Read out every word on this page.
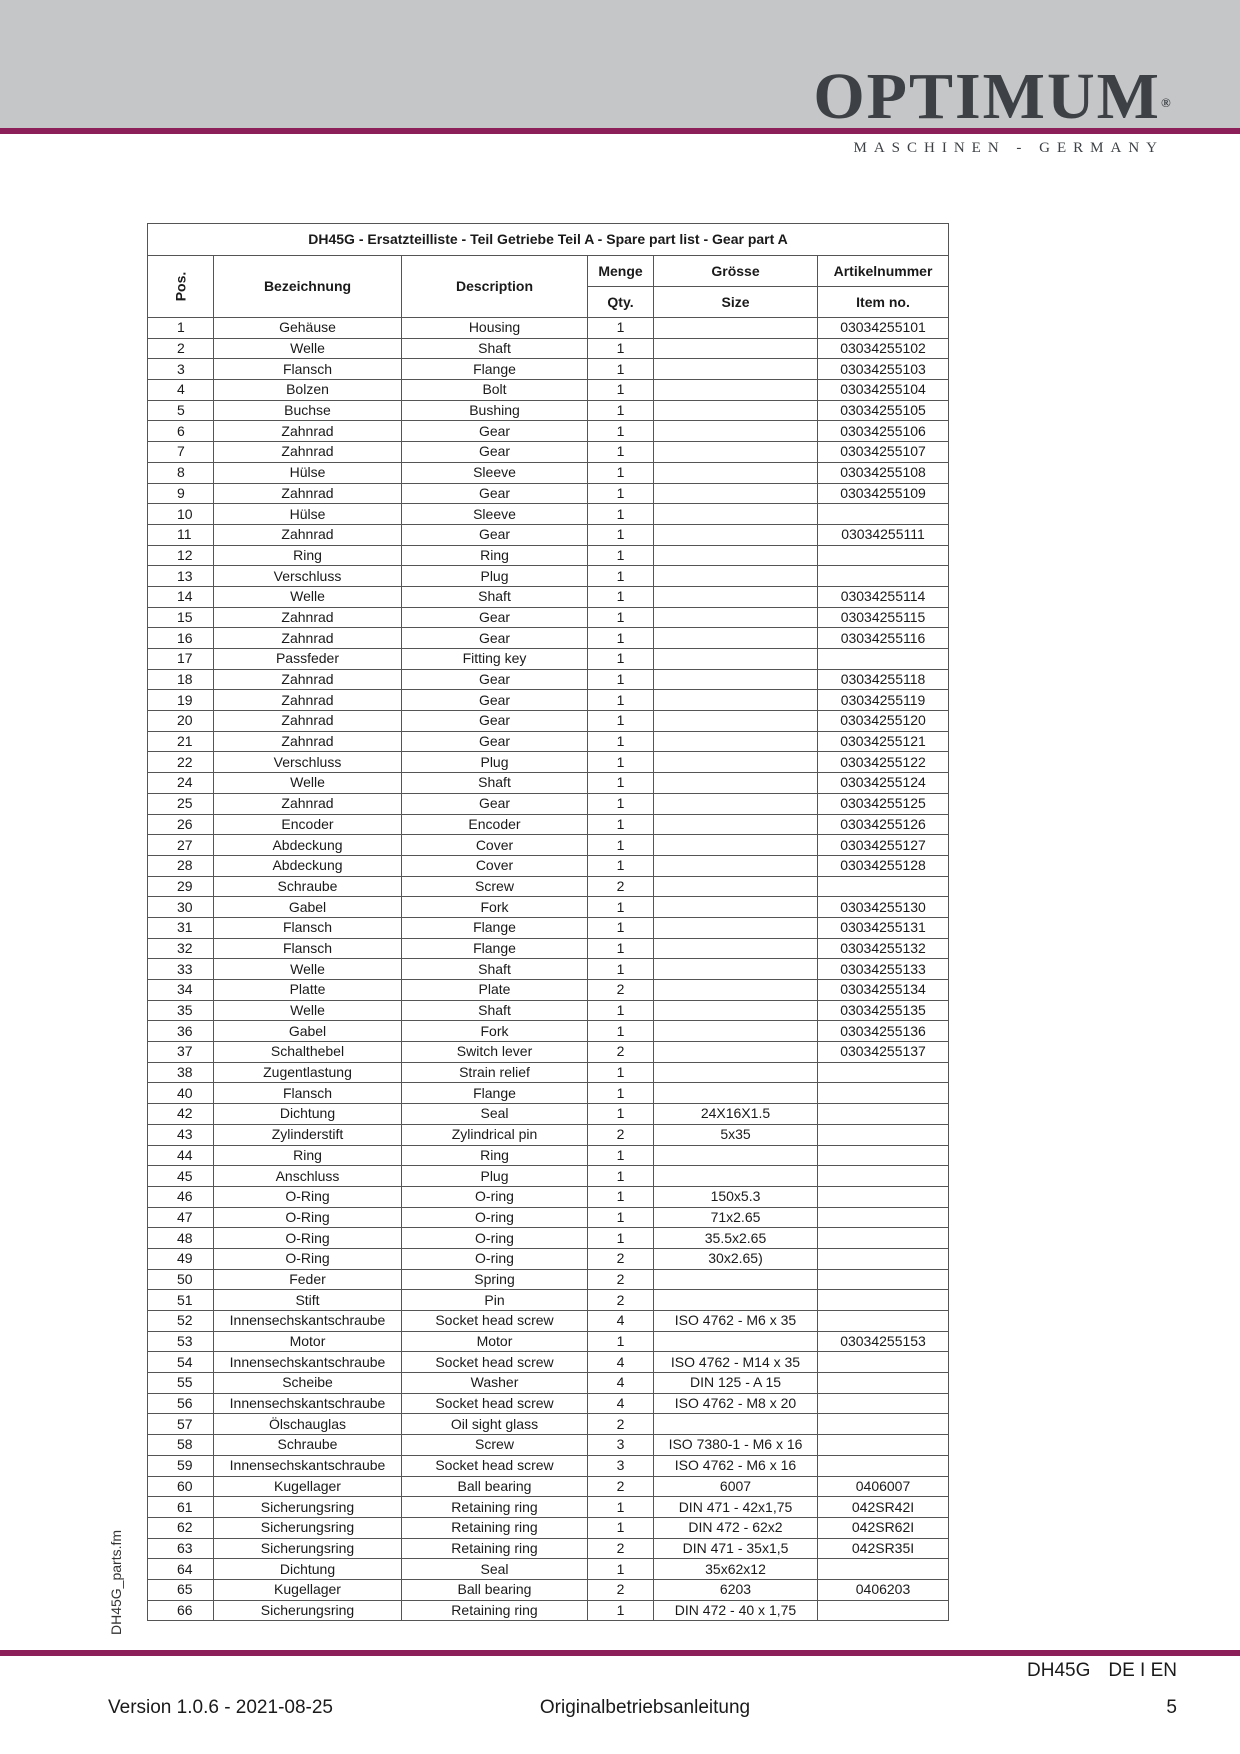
OPTIMUM®
MASCHINEN - GERMANY
DH45G_parts.fm
DH45G - Ersatzteilliste - Teil Getriebe Teil A - Spare part list - Gear part A					
Pos.	Bezeichnung	Description	Menge	Grösse	Artikelnummer
			Qty.	Size	Item no.
1	Gehäuse	Housing	1		03034255101
2	Welle	Shaft	1		03034255102
3	Flansch	Flange	1		03034255103
4	Bolzen	Bolt	1		03034255104
5	Buchse	Bushing	1		03034255105
6	Zahnrad	Gear	1		03034255106
7	Zahnrad	Gear	1		03034255107
8	Hülse	Sleeve	1		03034255108
9	Zahnrad	Gear	1		03034255109
10	Hülse	Sleeve	1		
11	Zahnrad	Gear	1		03034255111
12	Ring	Ring	1		
13	Verschluss	Plug	1		
14	Welle	Shaft	1		03034255114
15	Zahnrad	Gear	1		03034255115
16	Zahnrad	Gear	1		03034255116
17	Passfeder	Fitting key	1		
18	Zahnrad	Gear	1		03034255118
19	Zahnrad	Gear	1		03034255119
20	Zahnrad	Gear	1		03034255120
21	Zahnrad	Gear	1		03034255121
22	Verschluss	Plug	1		03034255122
24	Welle	Shaft	1		03034255124
25	Zahnrad	Gear	1		03034255125
26	Encoder	Encoder	1		03034255126
27	Abdeckung	Cover	1		03034255127
28	Abdeckung	Cover	1		03034255128
29	Schraube	Screw	2		
30	Gabel	Fork	1		03034255130
31	Flansch	Flange	1		03034255131
32	Flansch	Flange	1		03034255132
33	Welle	Shaft	1		03034255133
34	Platte	Plate	2		03034255134
35	Welle	Shaft	1		03034255135
36	Gabel	Fork	1		03034255136
37	Schalthebel	Switch lever	2		03034255137
38	Zugentlastung	Strain relief	1		
40	Flansch	Flange	1		
42	Dichtung	Seal	1	24X16X1.5	
43	Zylinderstift	Zylindrical pin	2	5x35	
44	Ring	Ring	1		
45	Anschluss	Plug	1		
46	O-Ring	O-ring	1	150x5.3	
47	O-Ring	O-ring	1	71x2.65	
48	O-Ring	O-ring	1	35.5x2.65	
49	O-Ring	O-ring	2	30x2.65)	
50	Feder	Spring	2		
51	Stift	Pin	2		
52	Innensechskantschraube	Socket head screw	4	ISO 4762 - M6 x 35	
53	Motor	Motor	1		03034255153
54	Innensechskantschraube	Socket head screw	4	ISO 4762 - M14 x 35	
55	Scheibe	Washer	4	DIN 125 - A 15	
56	Innensechskantschraube	Socket head screw	4	ISO 4762 - M8 x 20	
57	Ölschauglas	Oil sight glass	2		
58	Schraube	Screw	3	ISO 7380-1 - M6 x 16	
59	Innensechskantschraube	Socket head screw	3	ISO 4762 - M6 x 16	
60	Kugellager	Ball bearing	2	6007	0406007
61	Sicherungsring	Retaining ring	1	DIN 471 - 42x1,75	042SR42I
62	Sicherungsring	Retaining ring	1	DIN 472 - 62x2	042SR62I
63	Sicherungsring	Retaining ring	2	DIN 471 - 35x1,5	042SR35I
64	Dichtung	Seal	1	35x62x12	
65	Kugellager	Ball bearing	2	6203	0406203
66	Sicherungsring	Retaining ring	1	DIN 472 - 40 x 1,75	
DH45G DE I EN
Version 1.0.6 - 2021-08-25	Originalbetriebsanleitung	5
